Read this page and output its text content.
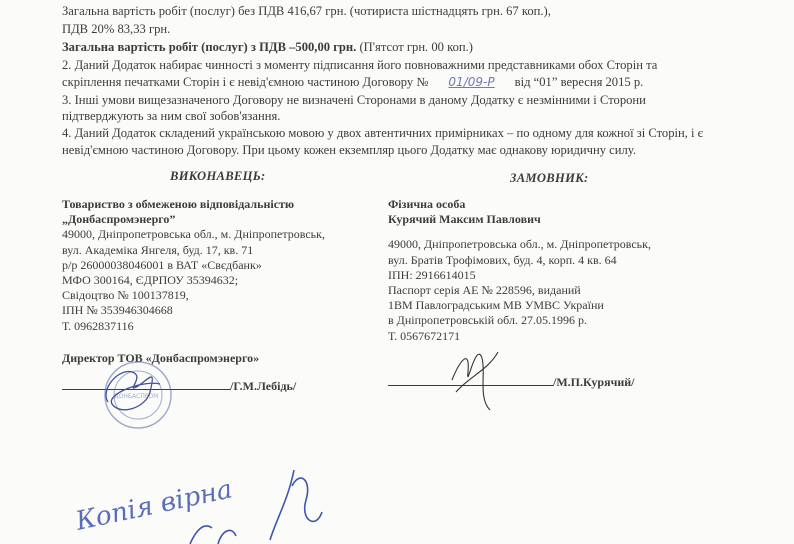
Загальна вартість робіт (послуг) без ПДВ 416,67 грн. (чотириста шістнадцять грн. 67 коп.),
ПДВ 20% 83,33 грн.
Загальна вартість робіт (послуг) з ПДВ –500,00 грн. (П'ятсот грн. 00 коп.)
2. Даний Додаток набирає чинності з моменту підписання його повноважними представниками обох Сторін та
скріплення печатками Сторін і є невід'ємною частиною Договору № 01/09-Р від “01” вересня 2015 р.
3. Інші умови вищезазначеного Договору не визначені Сторонами в даному Додатку є незмінними і Сторони
підтверджують за ним свої зобов'язання.
4. Даний Додаток складений українською мовою у двох автентичних примірниках – по одному для кожної зі Сторін, і є
невід'ємною частиною Договору. При цьому кожен екземпляр цього Додатку має однакову юридичну силу.
ВИКОНАВЕЦЬ:
Товариство з обмеженою відповідальністю
„Донбаспромэнерго”
49000, Дніпропетровська обл., м. Дніпропетровськ,
вул. Академіка Янгеля, буд. 17, кв. 71
р/р 26000038046001 в ВАТ «Свєдбанк»
МФО 300164, ЄДРПОУ 35394632;
Свідоцтво № 100137819,
ІПН № 353946304668
Т. 0962837116
Директор ТОВ «Донбаспромэнерго»
/Г.М.Лебідь/
ЗАМОВНИК:
Фізична особа
Курячий Максим Павлович
49000, Дніпропетровська обл., м. Дніпропетровськ,
вул. Братів Трофімових, буд. 4, корп. 4 кв. 64
ІПН: 2916614015
Паспорт серія АЕ № 228596, виданий
1ВМ Павлоградським МВ УМВС України
в Дніпропетровській обл. 27.05.1996 р.
Т. 0567672171
/М.П.Курячий/
ДОНБАСПРОМ
Копія вірна
